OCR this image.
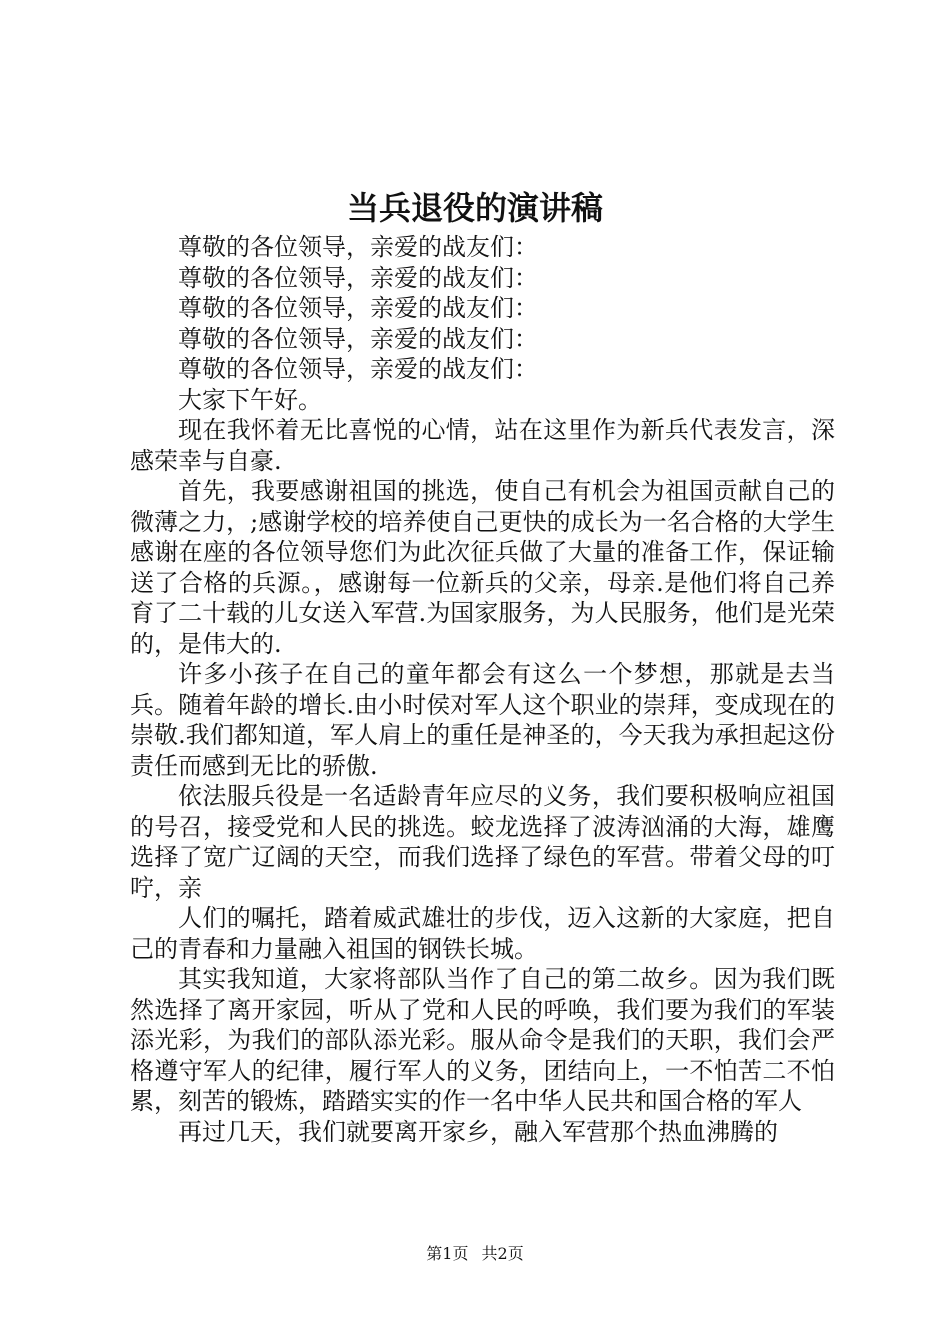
当兵退役的演讲稿

尊敬的各位领导，亲爱的战友们：

尊敬的各位领导，亲爱的战友们：

尊敬的各位领导，亲爱的战友们：

尊敬的各位领导，亲爱的战友们：

尊敬的各位领导，亲爱的战友们：

大家下午好。

现在我怀着无比喜悦的心情，站在这里作为新兵代表发言，深感荣幸与自豪.

首先，我要感谢祖国的挑选，使自己有机会为祖国贡献自己的微薄之力，;感谢学校的培养使自己更快的成长为一名合格的大学生感谢在座的各位领导您们为此次征兵做了大量的准备工作，保证输送了合格的兵源。，感谢每一位新兵的父亲，母亲.是他们将自己养育了二十载的儿女送入军营.为国家服务，为人民服务，他们是光荣的，是伟大的.

许多小孩子在自己的童年都会有这么一个梦想，那就是去当兵。随着年龄的增长.由小时侯对军人这个职业的崇拜，变成现在的崇敬.我们都知道，军人肩上的重任是神圣的，今天我为承担起这份责任而感到无比的骄傲.

依法服兵役是一名适龄青年应尽的义务，我们要积极响应祖国的号召，接受党和人民的挑选。蛟龙选择了波涛汹涌的大海，雄鹰选择了宽广辽阔的天空，而我们选择了绿色的军营。带着父母的叮咛，亲

人们的嘱托，踏着威武雄壮的步伐，迈入这新的大家庭，把自己的青春和力量融入祖国的钢铁长城。

其实我知道，大家将部队当作了自己的第二故乡。因为我们既然选择了离开家园，听从了党和人民的呼唤，我们要为我们的军装添光彩，为我们的部队添光彩。服从命令是我们的天职，我们会严格遵守军人的纪律，履行军人的义务，团结向上，一不怕苦二不怕累，刻苦的锻炼，踏踏实实的作一名中华人民共和国合格的军人

再过几天，我们就要离开家乡，融入军营那个热血沸腾的

第1页 共2页
